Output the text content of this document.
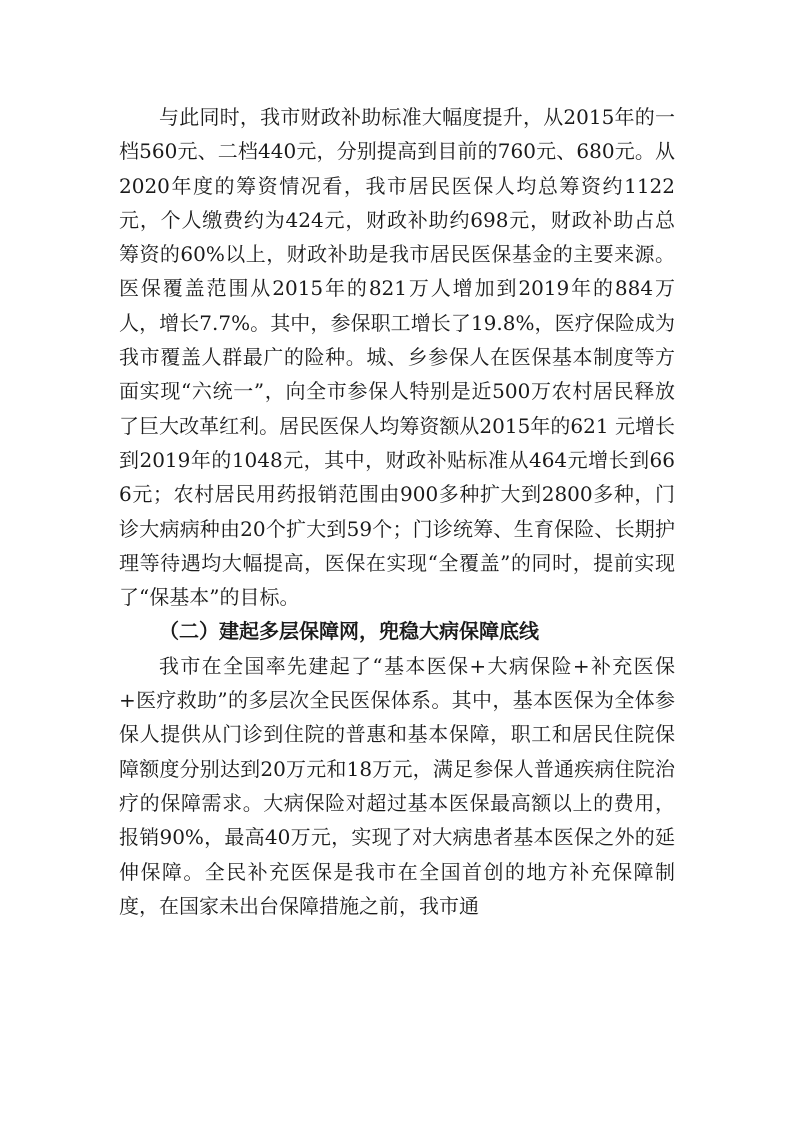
与此同时，我市财政补助标准大幅度提升，从2015年的一档560元、二档440元，分别提高到目前的760元、680元。从2020年度的筹资情况看，我市居民医保人均总筹资约1122元，个人缴费约为424元，财政补助约698元，财政补助占总筹资的60%以上，财政补助是我市居民医保基金的主要来源。医保覆盖范围从2015年的821万人增加到2019年的884万人，增长7.7%。其中，参保职工增长了19.8%，医疗保险成为我市覆盖人群最广的险种。城、乡参保人在医保基本制度等方面实现“六统一”，向全市参保人特别是近500万农村居民释放了巨大改革红利。居民医保人均筹资额从2015年的621 元增长到2019年的1048元，其中，财政补贴标准从464元增长到666元；农村居民用药报销范围由900多种扩大到2800多种，门诊大病病种由20个扩大到59个；门诊统筹、生育保险、长期护理等待遇均大幅提高，医保在实现“全覆盖”的同时，提前实现了“保基本”的目标。

（二）建起多层保障网，兜稳大病保障底线

我市在全国率先建起了“基本医保+大病保险+补充医保+医疗救助”的多层次全民医保体系。其中，基本医保为全体参保人提供从门诊到住院的普惠和基本保障，职工和居民住院保障额度分别达到20万元和18万元，满足参保人普通疾病住院治疗的保障需求。大病保险对超过基本医保最高额以上的费用，报销90%，最高40万元，实现了对大病患者基本医保之外的延伸保障。全民补充医保是我市在全国首创的地方补充保障制度，在国家未出台保障措施之前，我市通
